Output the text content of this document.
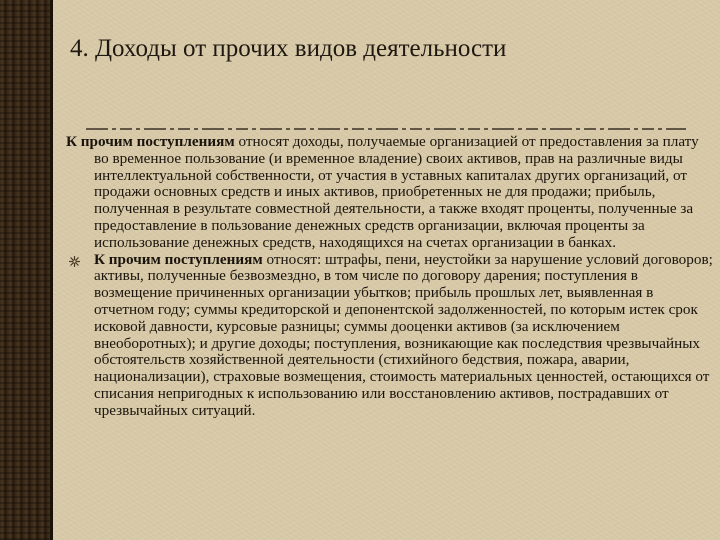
4. Доходы от прочих видов деятельности

К прочим поступлениям относят доходы, получаемые организацией от предоставления за плату во временное пользование (и временное владение) своих активов, прав на различные виды интеллектуальной собственности, от участия в уставных капиталах других организаций, от продажи основных средств и иных активов, приобретенных не для продажи; прибыль, полученная в результате совместной деятельности, а также входят проценты, полученные за предоставление в пользование денежных средств организации, включая проценты за использование денежных средств, находящихся на счетах организации в банках.

К прочим поступлениям относят: штрафы, пени, неустойки за нарушение условий договоров; активы, полученные безвозмездно, в том числе по договору дарения; поступления в возмещение причиненных организации убытков; прибыль прошлых лет, выявленная в отчетном году; суммы кредиторской и депонентской задолженностей, по которым истек срок исковой давности, курсовые разницы; суммы дооценки активов (за исключением внеоборотных); и другие доходы; поступления, возникающие как последствия чрезвычайных обстоятельств хозяйственной деятельности (стихийного бедствия, пожара, аварии, национализации), страховые возмещения, стоимость материальных ценностей, остающихся от списания непригодных к использованию или восстановлению активов, пострадавших от чрезвычайных ситуаций.
